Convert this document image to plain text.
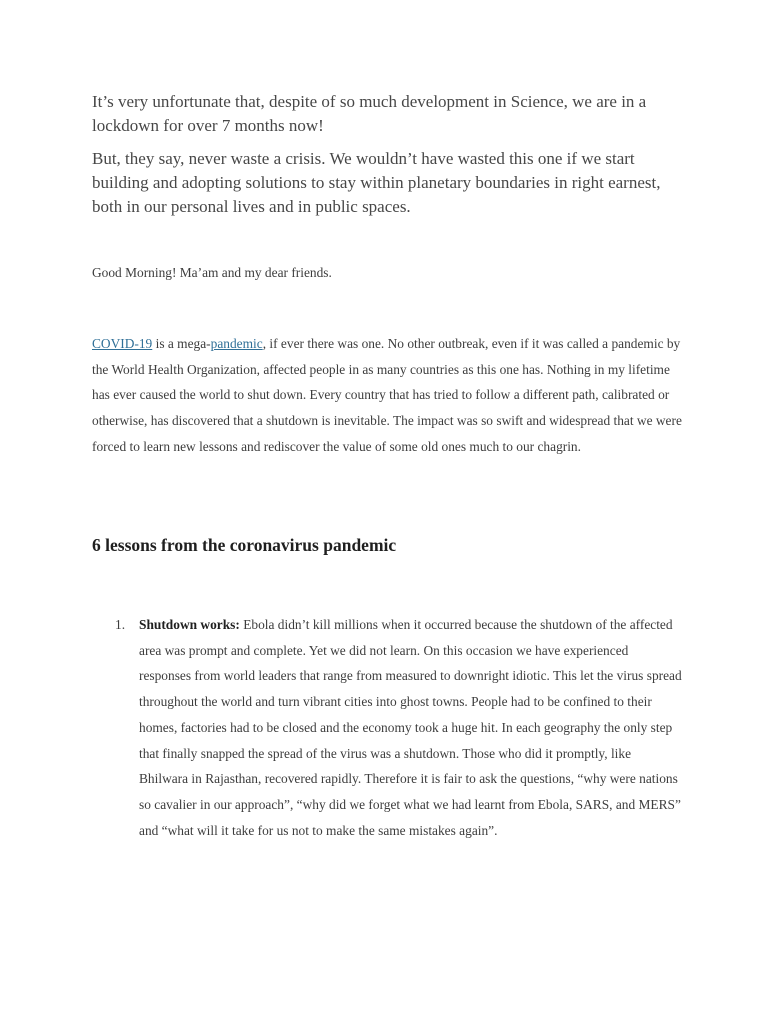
It’s very unfortunate that, despite of so much development in Science, we are in a lockdown for over 7 months now!

But, they say, never waste a crisis. We wouldn’t have wasted this one if we start building and adopting solutions to stay within planetary boundaries in right earnest, both in our personal lives and in public spaces.

Good Morning! Ma’am and my dear friends.

COVID-19 is a mega-pandemic, if ever there was one. No other outbreak, even if it was called a pandemic by the World Health Organization, affected people in as many countries as this one has. Nothing in my lifetime has ever caused the world to shut down. Every country that has tried to follow a different path, calibrated or otherwise, has discovered that a shutdown is inevitable. The impact was so swift and widespread that we were forced to learn new lessons and rediscover the value of some old ones much to our chagrin.

6 lessons from the coronavirus pandemic
1. Shutdown works: Ebola didn’t kill millions when it occurred because the shutdown of the affected area was prompt and complete. Yet we did not learn. On this occasion we have experienced responses from world leaders that range from measured to downright idiotic. This let the virus spread throughout the world and turn vibrant cities into ghost towns. People had to be confined to their homes, factories had to be closed and the economy took a huge hit. In each geography the only step that finally snapped the spread of the virus was a shutdown. Those who did it promptly, like Bhilwara in Rajasthan, recovered rapidly. Therefore it is fair to ask the questions, “why were nations so cavalier in our approach”, “why did we forget what we had learnt from Ebola, SARS, and MERS” and “what will it take for us not to make the same mistakes again”.
